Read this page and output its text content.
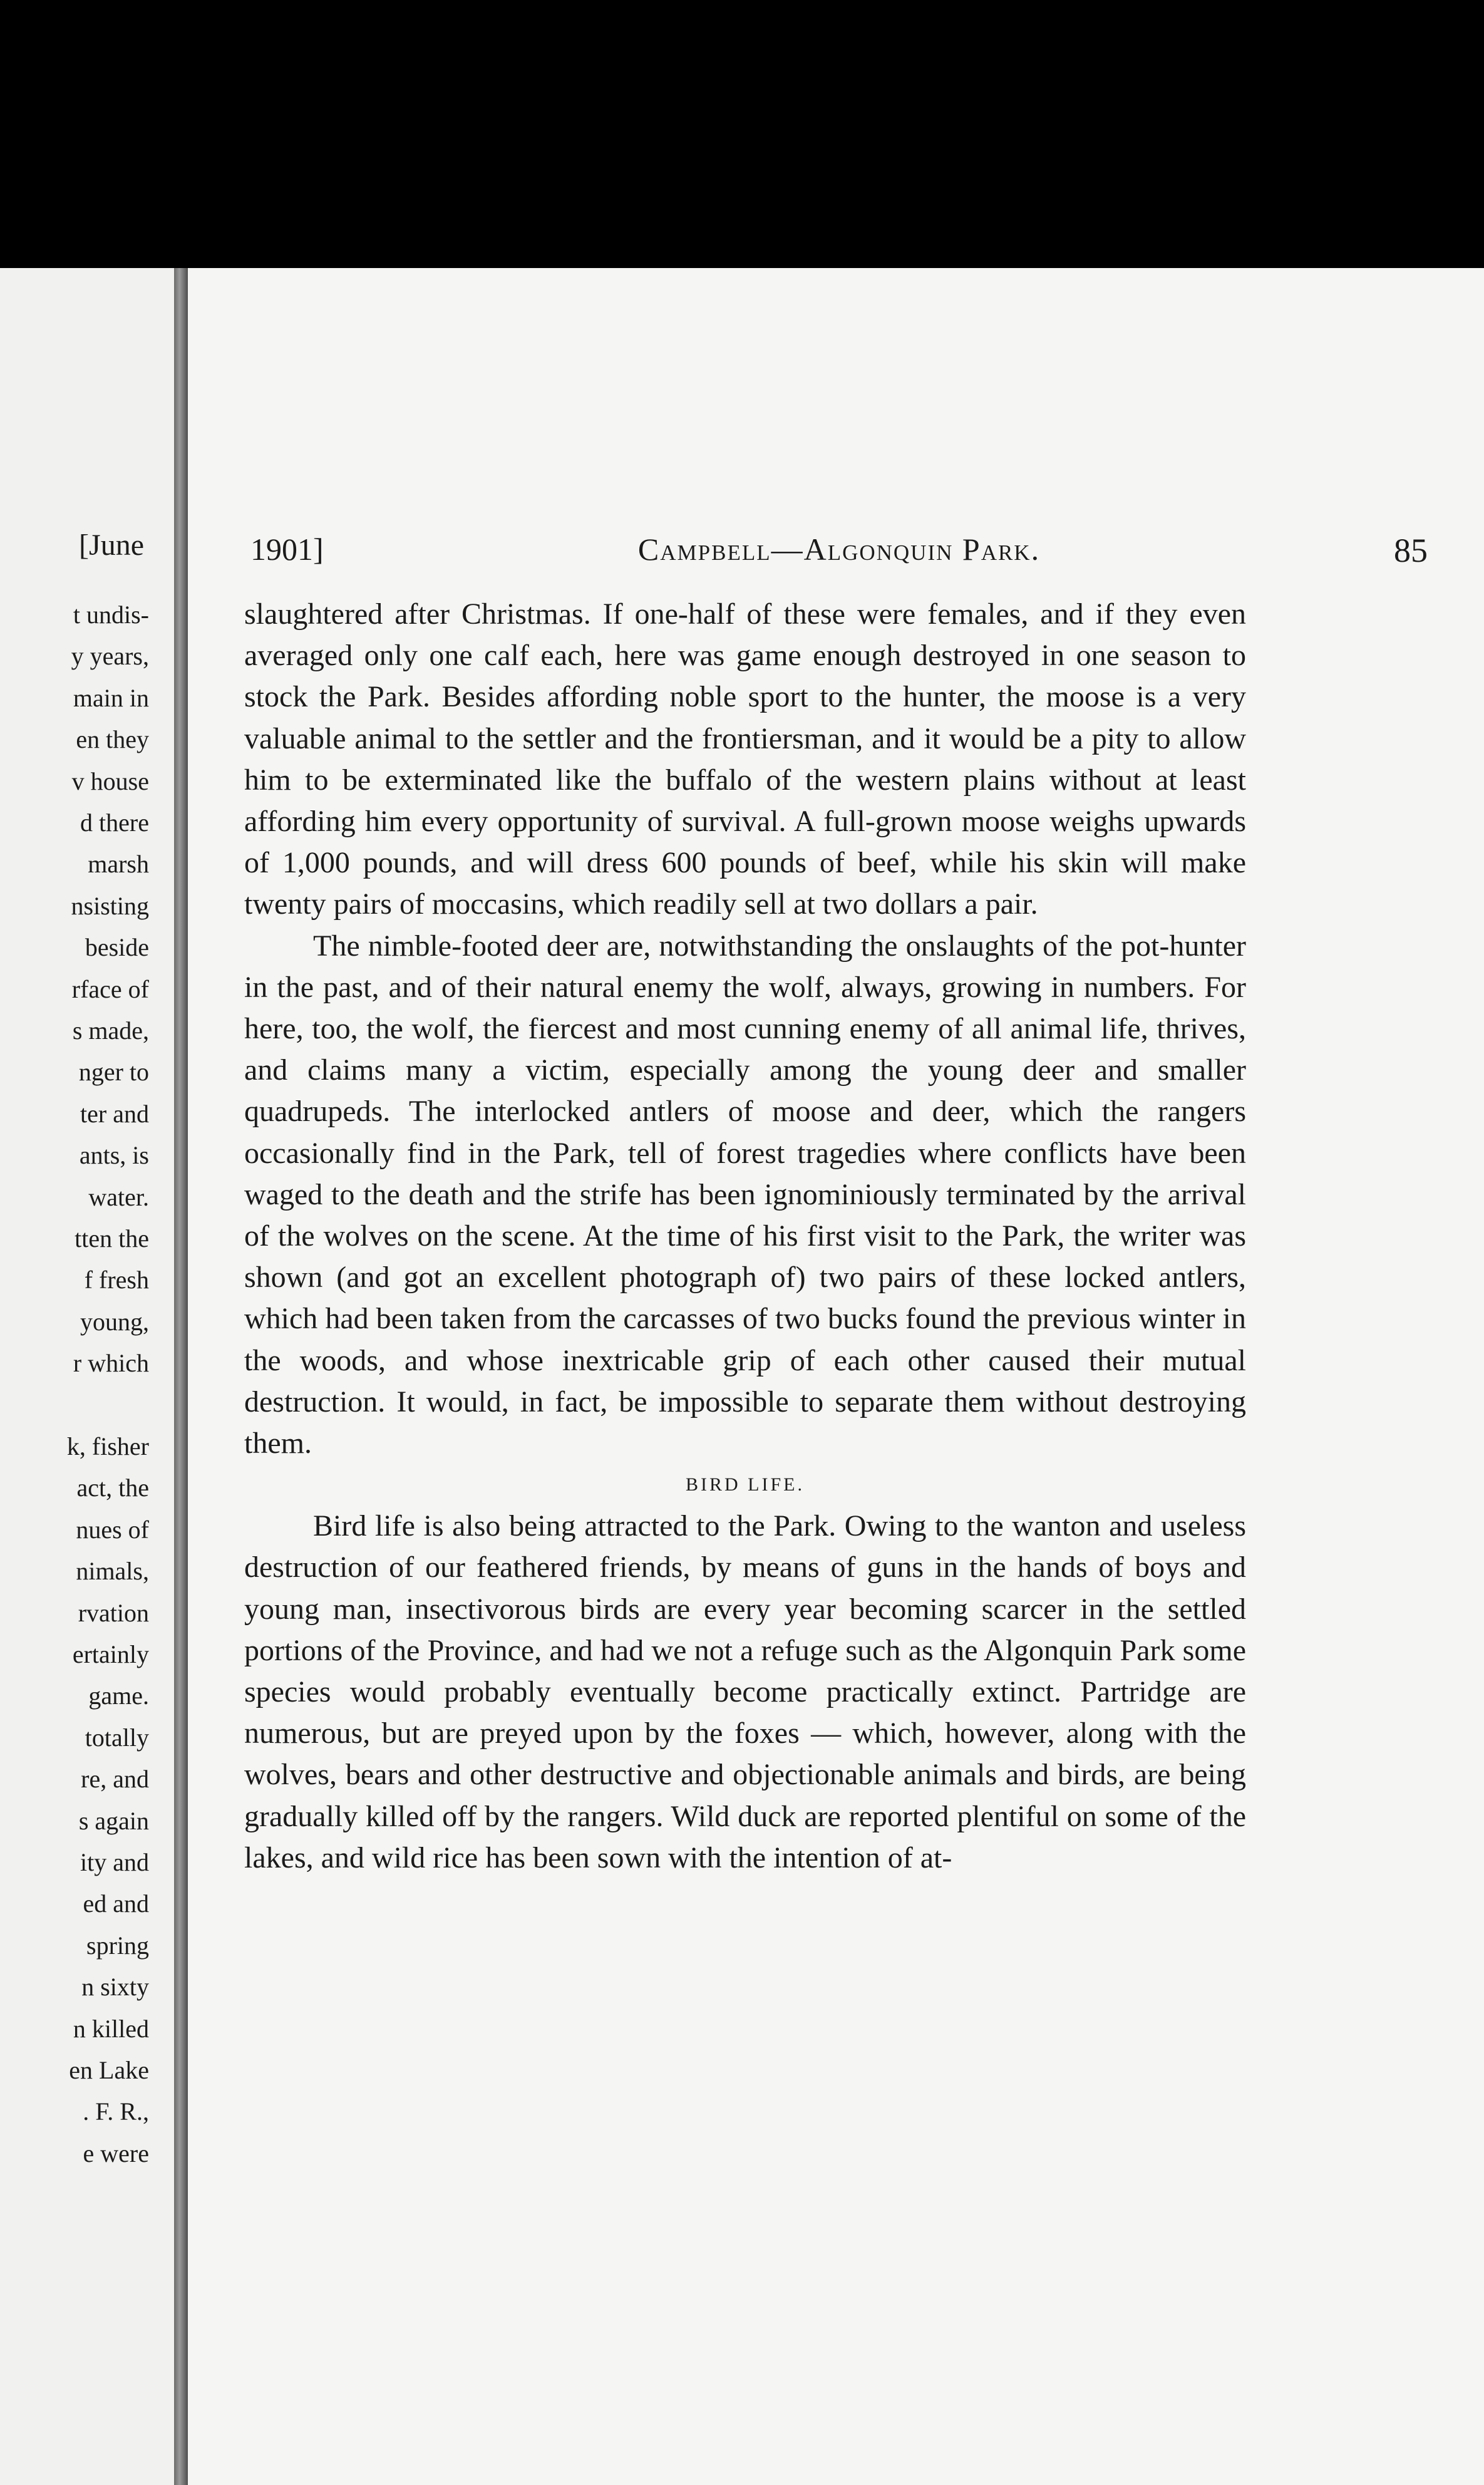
[June
t undis-
y years,
main in
en they
v house
d there
marsh
nsisting
beside
rface of
s made,
nger to
ter and
ants, is
water.
tten the
f fresh
young,
r which
k, fisher
act, the
nues of
nimals,
rvation
ertainly
game.
totally
re, and
s again
ity and
ed and
spring
n sixty
n killed
en Lake
. F. R.,
e were
1901]	Campbell—Algonquin Park.	85

slaughtered after Christmas. If one-half of these were females, and if they even averaged only one calf each, here was game enough destroyed in one season to stock the Park. Besides affording noble sport to the hunter, the moose is a very valuable animal to the settler and the frontiersman, and it would be a pity to allow him to be exterminated like the buffalo of the western plains without at least affording him every opportunity of survival. A full-grown moose weighs upwards of 1,000 pounds, and will dress 600 pounds of beef, while his skin will make twenty pairs of moccasins, which readily sell at two dollars a pair.

The nimble-footed deer are, notwithstanding the onslaughts of the pot-hunter in the past, and of their natural enemy the wolf, always, growing in numbers. For here, too, the wolf, the fiercest and most cunning enemy of all animal life, thrives, and claims many a victim, especially among the young deer and smaller quadrupeds. The interlocked antlers of moose and deer, which the rangers occasionally find in the Park, tell of forest tragedies where conflicts have been waged to the death and the strife has been ignominiously terminated by the arrival of the wolves on the scene. At the time of his first visit to the Park, the writer was shown (and got an excellent photograph of) two pairs of these locked antlers, which had been taken from the carcasses of two bucks found the previous winter in the woods, and whose inextricable grip of each other caused their mutual destruction. It would, in fact, be impossible to separate them without destroying them.

BIRD LIFE.

Bird life is also being attracted to the Park. Owing to the wanton and useless destruction of our feathered friends, by means of guns in the hands of boys and young man, insectivorous birds are every year becoming scarcer in the settled portions of the Province, and had we not a refuge such as the Algonquin Park some species would probably eventually become practically extinct. Partridge are numerous, but are preyed upon by the foxes — which, however, along with the wolves, bears and other destructive and objectionable animals and birds, are being gradually killed off by the rangers. Wild duck are reported plentiful on some of the lakes, and wild rice has been sown with the intention of at-
